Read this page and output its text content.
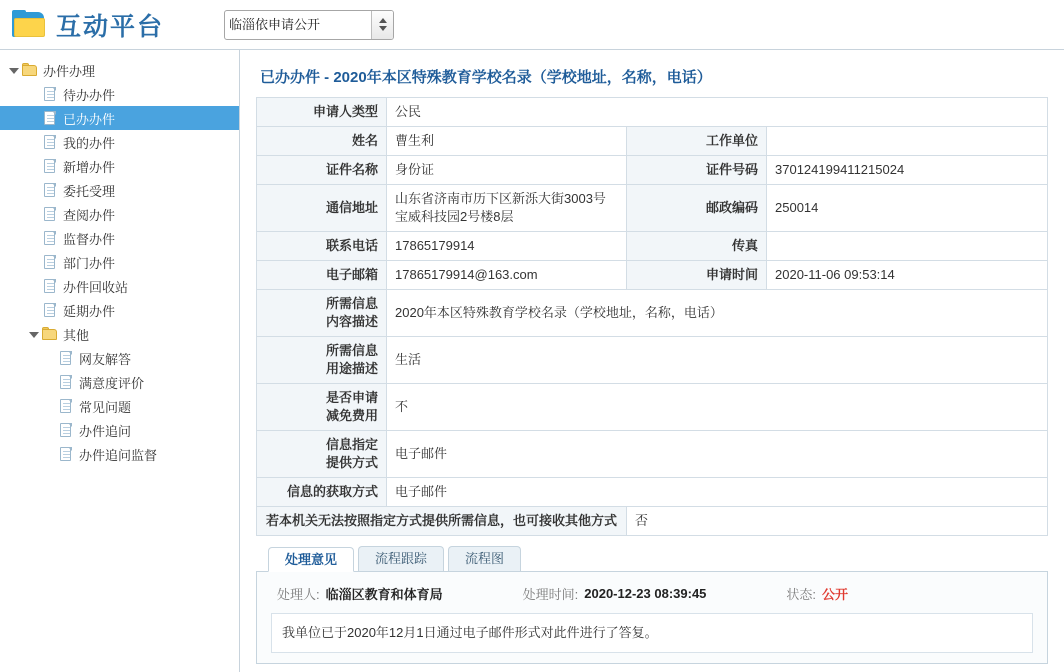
互动平台
临淄依申请公开
办件办理
待办办件
已办办件
我的办件
新增办件
委托受理
查阅办件
监督办件
部门办件
办件回收站
延期办件
其他
网友解答
满意度评价
常见问题
办件追问
办件追问监督
已办办件 - 2020年本区特殊教育学校名录（学校地址，名称，电话）
申请人类型	公民		
姓名	曹生利	工作单位	
证件名称	身份证	证件号码	370124199411215024
通信地址	山东省济南市历下区新泺大街3003号宝威科技园2号楼8层	邮政编码	250014
联系电话	17865179914	传真	
电子邮箱	17865179914@163.com	申请时间	2020-11-06 09:53:14

所需信息
内容描述	2020年本区特殊教育学校名录（学校地址，名称，电话）		

所需信息
用途描述	生活		

是否申请
减免费用	不		

信息指定
提供方式	电子邮件		
信息的获取方式	电子邮件		
若本机关无法按照指定方式提供所需信息，也可接收其他方式		否	
处理意见	流程跟踪	流程图
处理人: 临淄区教育和体育局	处理时间: 2020-12-23 08:39:45	状态: 公开
我单位已于2020年12月1日通过电子邮件形式对此件进行了答复。
